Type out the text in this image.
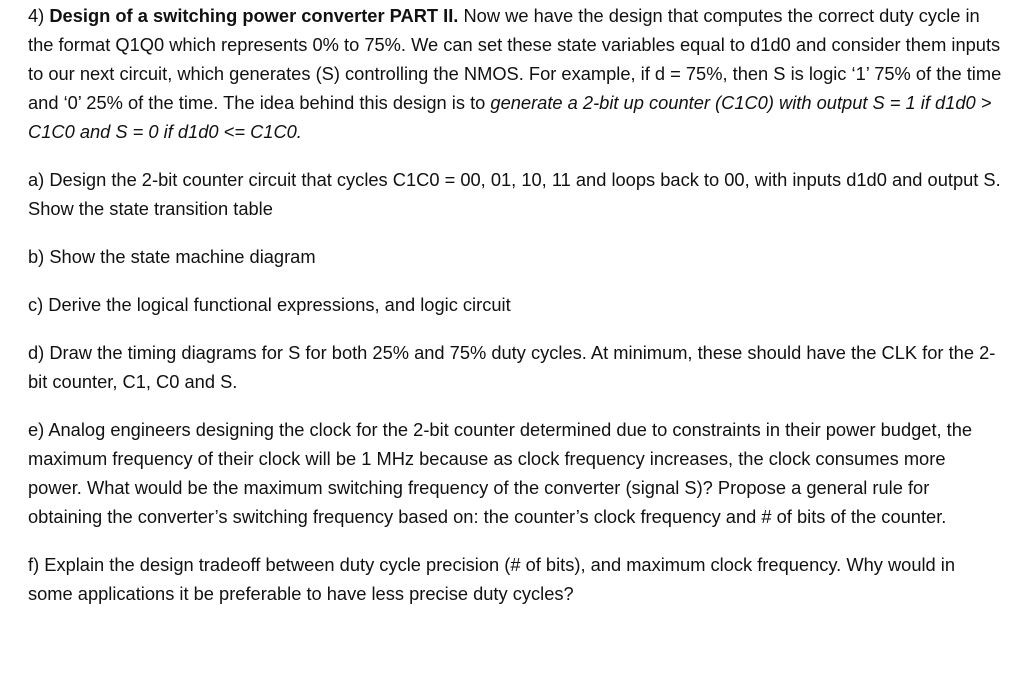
4) Design of a switching power converter PART II. Now we have the design that computes the correct duty cycle in the format Q1Q0 which represents 0% to 75%. We can set these state variables equal to d1d0 and consider them inputs to our next circuit, which generates (S) controlling the NMOS. For example, if d = 75%, then S is logic ‘1’ 75% of the time and ‘0’ 25% of the time. The idea behind this design is to generate a 2-bit up counter (C1C0) with output S = 1 if d1d0 > C1C0 and S = 0 if d1d0 <= C1C0.

a) Design the 2-bit counter circuit that cycles C1C0 = 00, 01, 10, 11 and loops back to 00, with inputs d1d0 and output S. Show the state transition table

b) Show the state machine diagram

c) Derive the logical functional expressions, and logic circuit

d) Draw the timing diagrams for S for both 25% and 75% duty cycles. At minimum, these should have the CLK for the 2-bit counter, C1, C0 and S.

e) Analog engineers designing the clock for the 2-bit counter determined due to constraints in their power budget, the maximum frequency of their clock will be 1 MHz because as clock frequency increases, the clock consumes more power. What would be the maximum switching frequency of the converter (signal S)? Propose a general rule for obtaining the converter’s switching frequency based on: the counter’s clock frequency and # of bits of the counter.

f) Explain the design tradeoff between duty cycle precision (# of bits), and maximum clock frequency. Why would in some applications it be preferable to have less precise duty cycles?
